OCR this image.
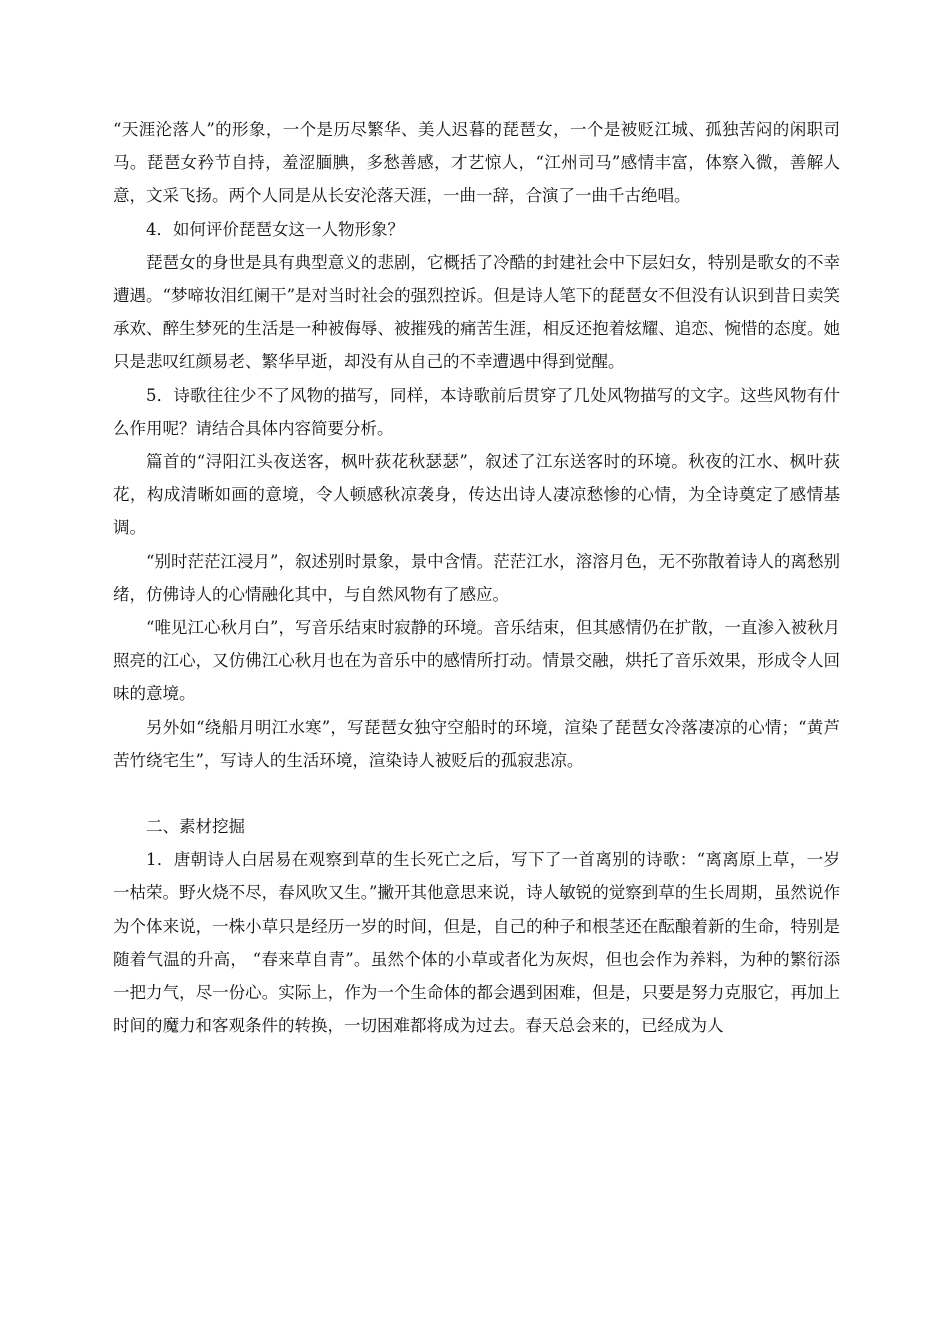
“天涯沦落人”的形象，一个是历尽繁华、美人迟暮的琵琶女，一个是被贬江城、孤独苦闷的闲职司马。琵琶女矜节自持，羞涩腼腆，多愁善感，才艺惊人，“江州司马”感情丰富，体察入微，善解人意，文采飞扬。两个人同是从长安沦落天涯，一曲一辞，合演了一曲千古绝唱。

4．如何评价琵琶女这一人物形象？

琵琶女的身世是具有典型意义的悲剧，它概括了冷酷的封建社会中下层妇女，特别是歌女的不幸遭遇。“梦啼妆泪红阑干”是对当时社会的强烈控诉。但是诗人笔下的琵琶女不但没有认识到昔日卖笑承欢、醉生梦死的生活是一种被侮辱、被摧残的痛苦生涯，相反还抱着炫耀、追恋、惋惜的态度。她只是悲叹红颜易老、繁华早逝，却没有从自己的不幸遭遇中得到觉醒。

5．诗歌往往少不了风物的描写，同样，本诗歌前后贯穿了几处风物描写的文字。这些风物有什么作用呢？请结合具体内容简要分析。

篇首的“浔阳江头夜送客，枫叶荻花秋瑟瑟”，叙述了江东送客时的环境。秋夜的江水、枫叶荻花，构成清晰如画的意境，令人顿感秋凉袭身，传达出诗人凄凉愁惨的心情，为全诗奠定了感情基调。

“别时茫茫江浸月”，叙述别时景象，景中含情。茫茫江水，溶溶月色，无不弥散着诗人的离愁别绪，仿佛诗人的心情融化其中，与自然风物有了感应。

“唯见江心秋月白”，写音乐结束时寂静的环境。音乐结束，但其感情仍在扩散，一直渗入被秋月照亮的江心，又仿佛江心秋月也在为音乐中的感情所打动。情景交融，烘托了音乐效果，形成令人回味的意境。

另外如“绕船月明江水寒”，写琵琶女独守空船时的环境，渲染了琵琶女冷落凄凉的心情；“黄芦苦竹绕宅生”，写诗人的生活环境，渲染诗人被贬后的孤寂悲凉。

二、素材挖掘

1．唐朝诗人白居易在观察到草的生长死亡之后，写下了一首离别的诗歌：“离离原上草，一岁一枯荣。野火烧不尽，春风吹又生。”撇开其他意思来说，诗人敏锐的觉察到草的生长周期，虽然说作为个体来说，一株小草只是经历一岁的时间，但是，自己的种子和根茎还在酝酿着新的生命，特别是随着气温的升高， “春来草自青”。虽然个体的小草或者化为灰烬，但也会作为养料，为种的繁衍添一把力气，尽一份心。实际上，作为一个生命体的都会遇到困难，但是，只要是努力克服它，再加上时间的魔力和客观条件的转换，一切困难都将成为过去。春天总会来的，已经成为人
